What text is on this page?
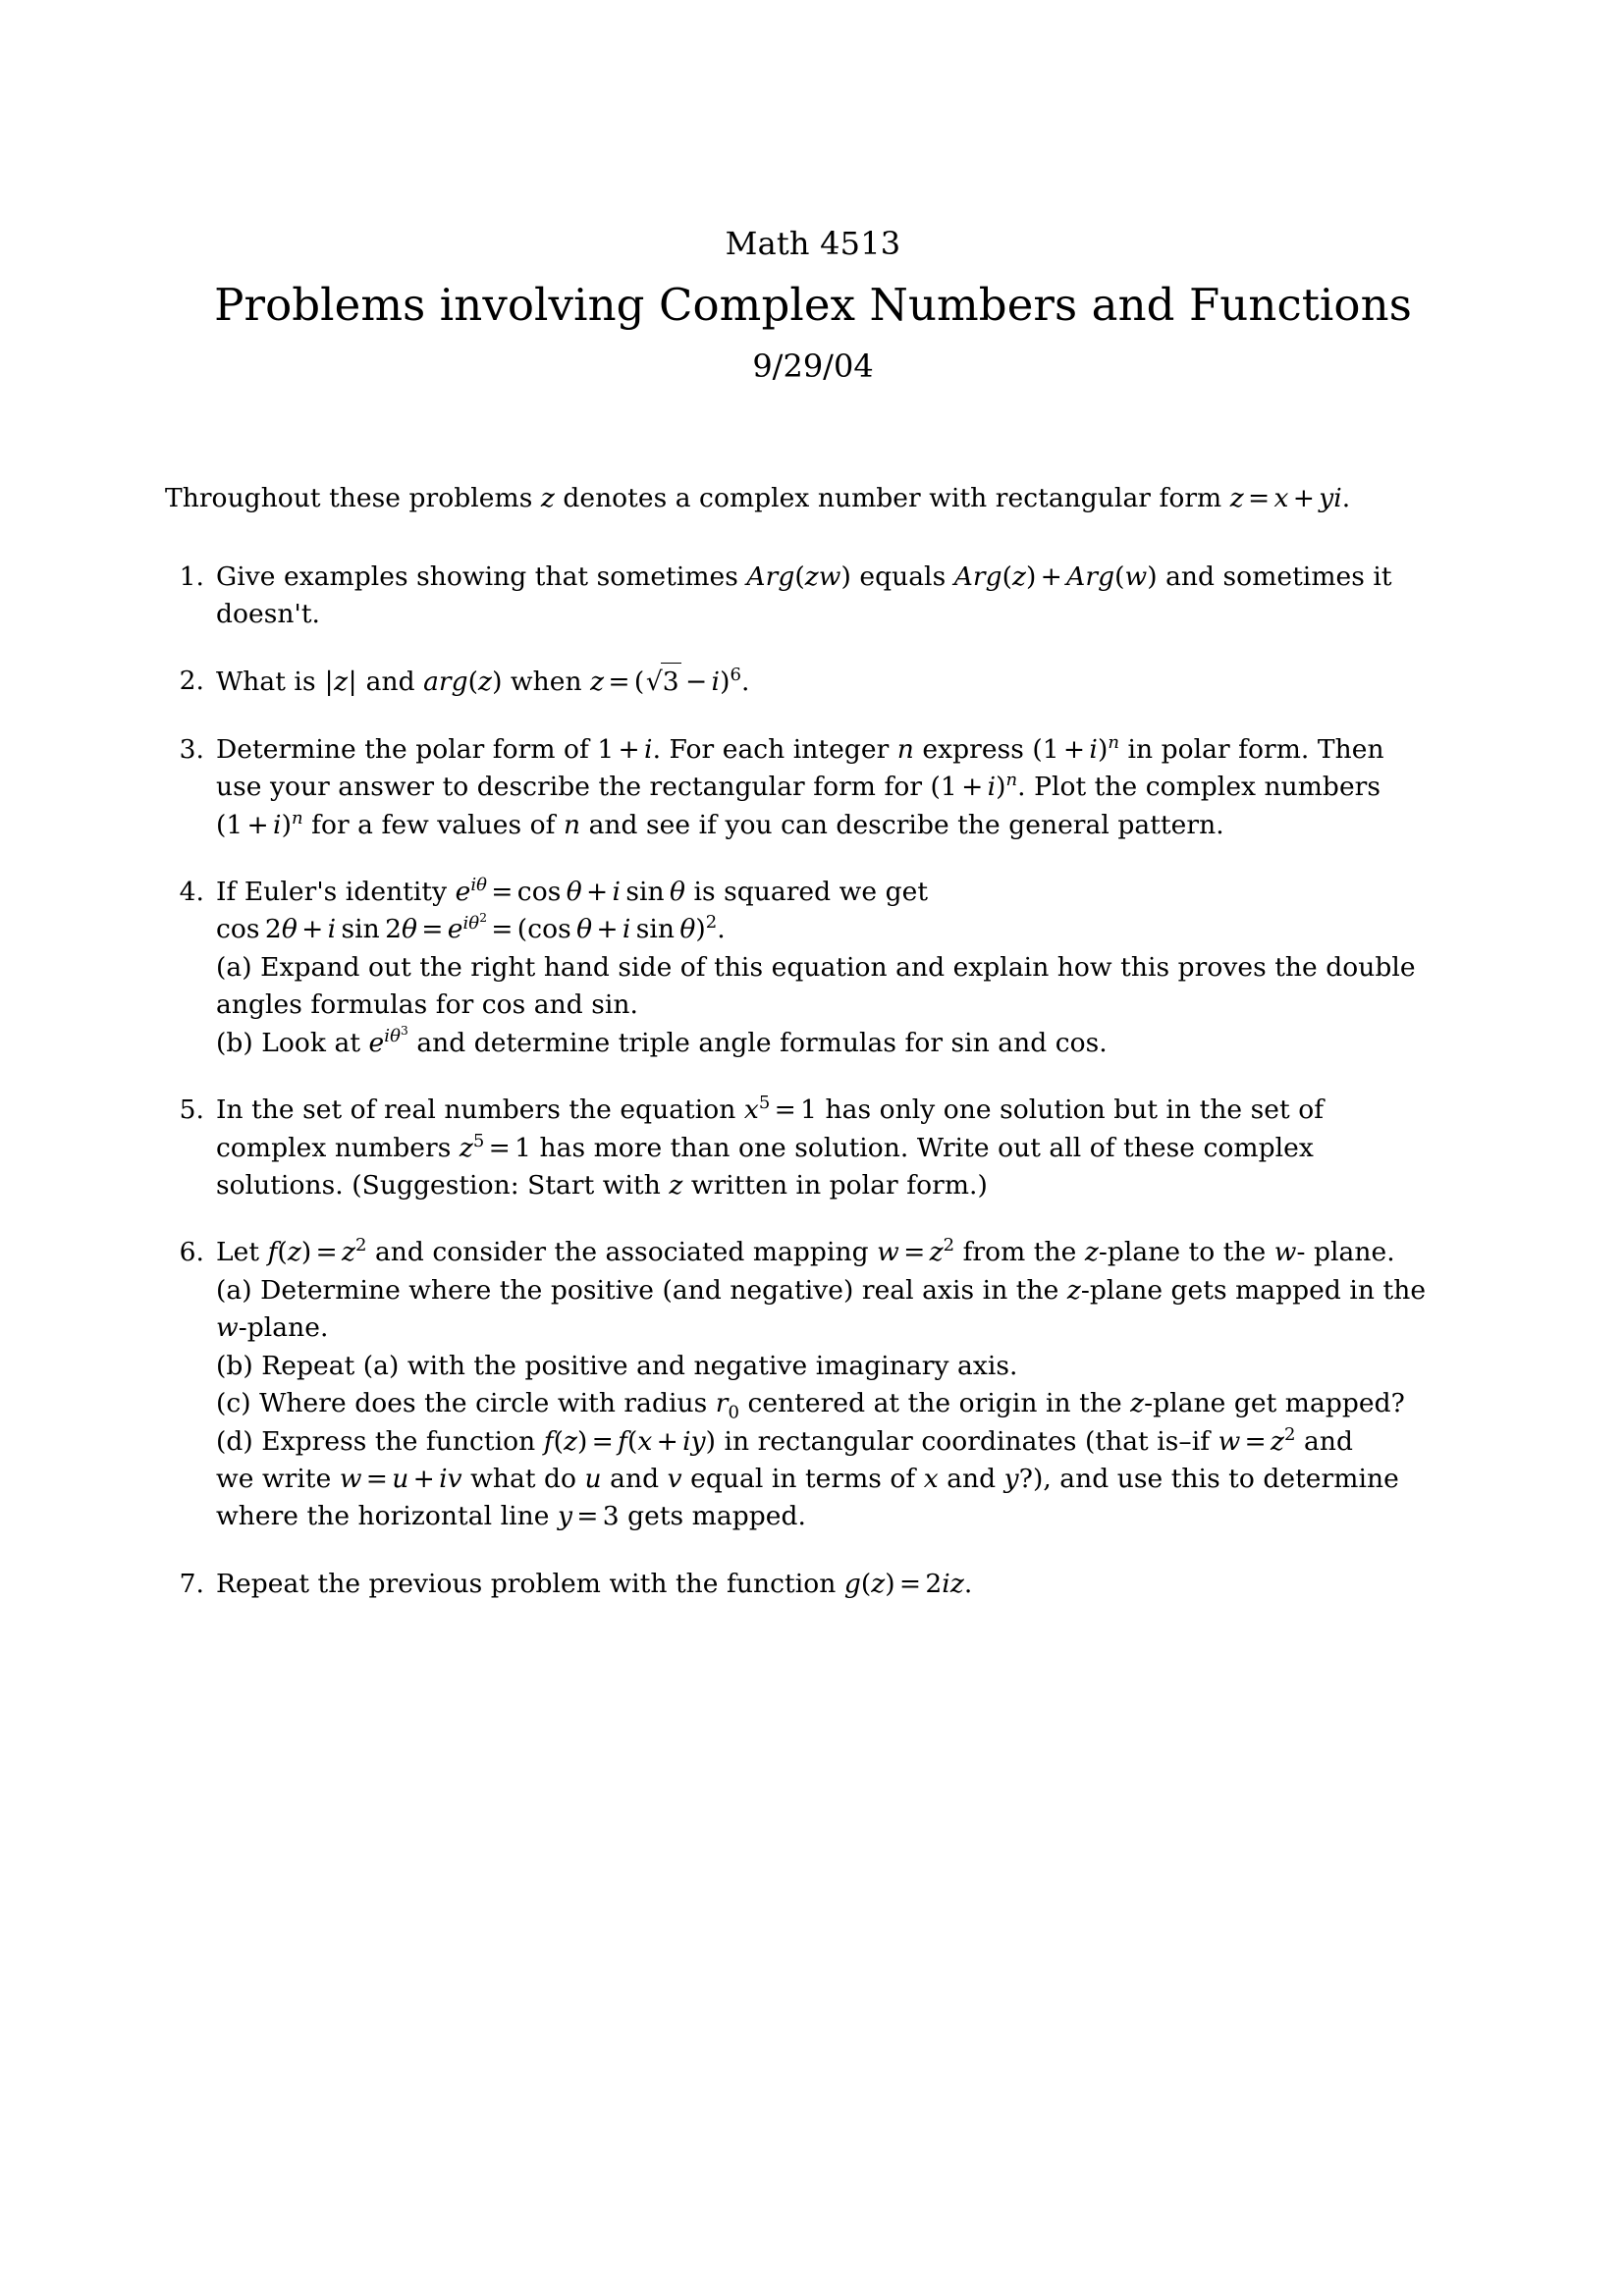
Math 4513
Problems involving Complex Numbers and Functions
9/29/04

Throughout these problems z denotes a complex number with rectangular form z = x + yi.

1. Give examples showing that sometimes Arg(zw) equals Arg(z) + Arg(w) and sometimes it
doesn't.
2. What is |z| and arg(z) when $z = (√3 - i)^6$.
3. Determine the polar form of 1 + i. For each integer n express $(1 + i)^n$ in polar form. Then
use your answer to describe the rectangular form for $(1 + i)^n$. Plot the complex numbers
$(1 + i)^n$ for a few values of n and see if you can describe the general pattern.
4. If Euler's identity $e^{i\theta} = \cos \theta + i$  sin  θ is squared we get
cos  2θ + i  $\sin 2\theta = e^{i\theta^2} = (\cos$  θ + i  sin  θ)$^2$.
(a) Expand out the right hand side of this equation and explain how this proves the double
angles formulas for cos and sin.
(b) Look at $e^{i\theta^3}$ and determine triple angle formulas for sin and cos.
5. In the set of real numbers the equation $x^5 = 1$ has only one solution but in the set of
complex numbers $z^5 = 1$ has more than one solution. Write out all of these complex
solutions. (Suggestion: Start with z written in polar form.)
6. Let $f(z) = z^2$ and consider the associated mapping $w = z^2$ from the z-plane to the w- plane.
(a) Determine where the positive (and negative) real axis in the z-plane gets mapped in the
w-plane.
(b) Repeat (a) with the positive and negative imaginary axis.
(c) Where does the circle with radius $r_0$ centered at the origin in the z-plane get mapped?
(d) Express the function f(z) = f(x + iy) in rectangular coordinates (that is–if $w = z^2$ and
we write w = u + iv what do u and v equal in terms of x and y?), and use this to determine
where the horizontal line y = 3 gets mapped.
7. Repeat the previous problem with the function g(z) = 2iz.
